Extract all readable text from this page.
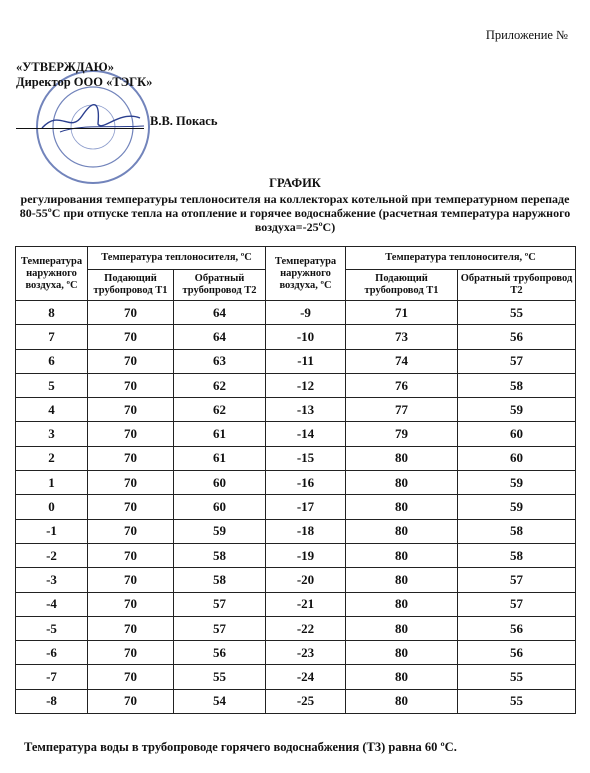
Приложение №
«УТВЕРЖДАЮ»
Директор ООО «ТЭГК»
В.В. Покась
ГРАФИК
регулирования температуры теплоносителя на коллекторах котельной при температурном перепаде 80-55ºС при отпуске тепла на отопление и горячее водоснабжение (расчетная температура наружного воздуха=-25ºС)
Температура наружного воздуха, ºС	Температура теплоносителя, ºС		Температура наружного воздуха, ºС	Температура теплоносителя, ºС	
	Подающий трубопровод Т1	Обратный трубопровод Т2		Подающий трубопровод Т1	Обратный трубопровод Т2
8	70	64	-9	71	55
7	70	64	-10	73	56
6	70	63	-11	74	57
5	70	62	-12	76	58
4	70	62	-13	77	59
3	70	61	-14	79	60
2	70	61	-15	80	60
1	70	60	-16	80	59
0	70	60	-17	80	59
-1	70	59	-18	80	58
-2	70	58	-19	80	58
-3	70	58	-20	80	57
-4	70	57	-21	80	57
-5	70	57	-22	80	56
-6	70	56	-23	80	56
-7	70	55	-24	80	55
-8	70	54	-25	80	55
Температура воды в трубопроводе горячего водоснабжения (Т3) равна 60 ºС.
